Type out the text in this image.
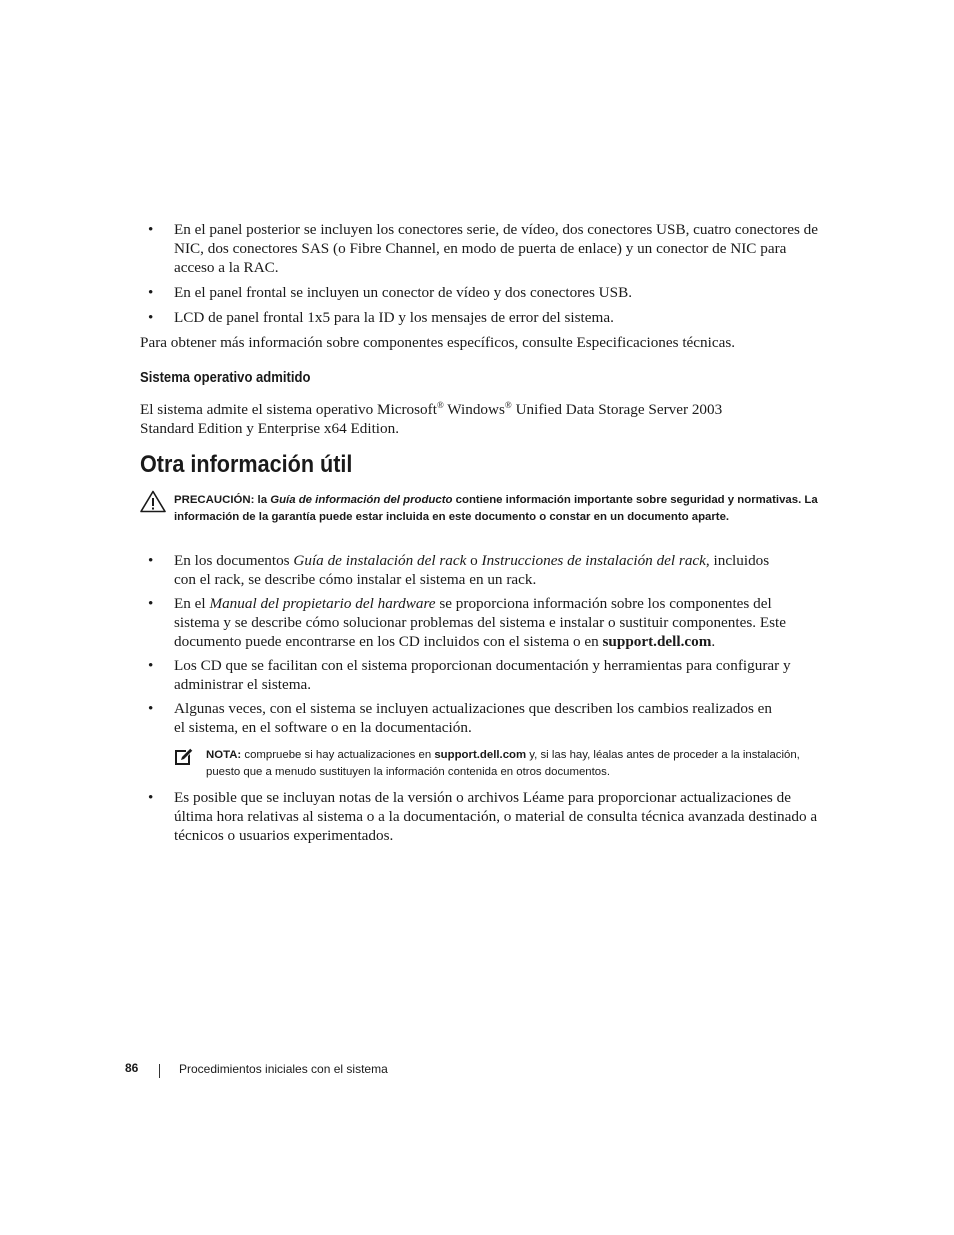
• En el panel posterior se incluyen los conectores serie, de vídeo, dos conectores USB, cuatro conectores de NIC, dos conectores SAS (o Fibre Channel, en modo de puerta de enlace) y un conector de NIC para acceso a la RAC.
• En el panel frontal se incluyen un conector de vídeo y dos conectores USB.
• LCD de panel frontal 1x5 para la ID y los mensajes de error del sistema.

Para obtener más información sobre componentes específicos, consulte Especificaciones técnicas.

Sistema operativo admitido

El sistema admite el sistema operativo Microsoft® Windows® Unified Data Storage Server 2003
Standard Edition y Enterprise x64 Edition.

Otra información útil
PRECAUCIÓN: la Guía de información del producto contiene información importante sobre seguridad y normativas. La información de la garantía puede estar incluida en este documento o constar en un documento aparte.
• En los documentos Guía de instalación del rack o Instrucciones de instalación del rack, incluidos con el rack, se describe cómo instalar el sistema en un rack.
• En el Manual del propietario del hardware se proporciona información sobre los componentes del sistema y se describe cómo solucionar problemas del sistema e instalar o sustituir componentes. Este documento puede encontrarse en los CD incluidos con el sistema o en support.dell.com.
• Los CD que se facilitan con el sistema proporcionan documentación y herramientas para configurar y administrar el sistema.
• Algunas veces, con el sistema se incluyen actualizaciones que describen los cambios realizados en el sistema, en el software o en la documentación.
NOTA: compruebe si hay actualizaciones en support.dell.com y, si las hay, léalas antes de proceder a la instalación, puesto que a menudo sustituyen la información contenida en otros documentos.
• Es posible que se incluyan notas de la versión o archivos Léame para proporcionar actualizaciones de última hora relativas al sistema o a la documentación, o material de consulta técnica avanzada destinado a técnicos o usuarios experimentados.
86	Procedimientos iniciales con el sistema
